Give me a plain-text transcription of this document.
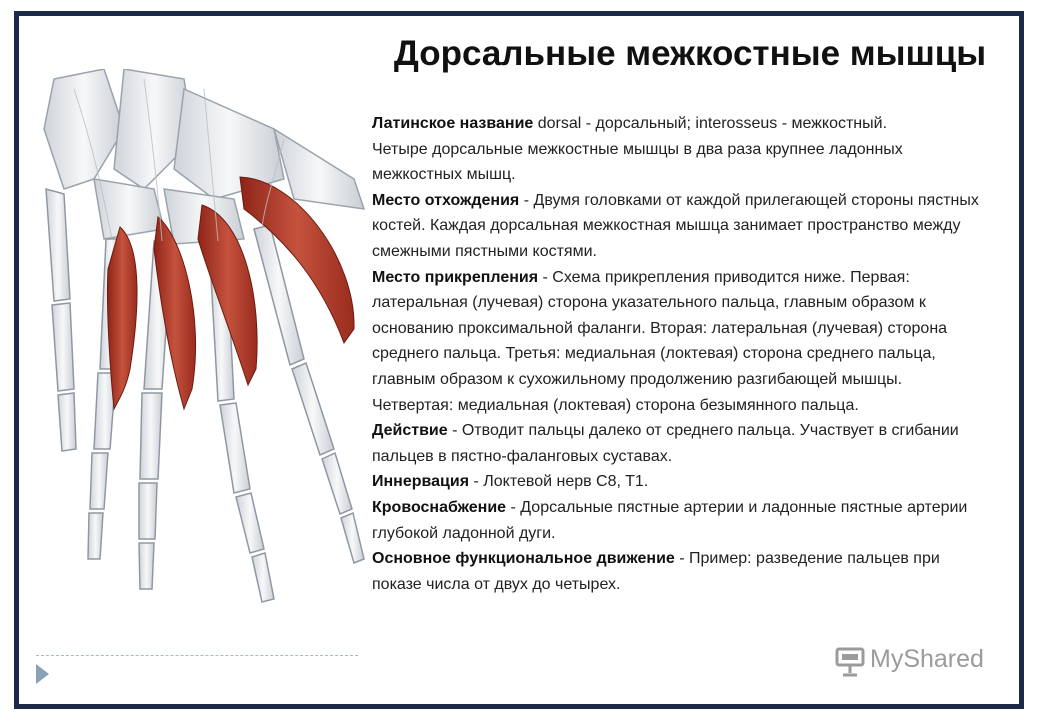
Дорсальные межкостные мышцы

Латинское название dorsal - дорсальный; interosseus - межкостный.

Четыре дорсальные межкостные мышцы в два раза крупнее ладонных межкостных мышц.

Место отхождения - Двумя головками от каждой прилегающей стороны пястных костей. Каждая дорсальная межкостная мышца занимает пространство между смежными пястными костями.

Место прикрепления - Схема прикрепления приводится ниже. Первая: латеральная (лучевая) сторона указательного пальца, главным образом к основанию проксимальной фаланги. Вторая: латеральная (лучевая) сторона среднего пальца. Третья: медиальная (локтевая) сторона среднего пальца, главным образом к сухожильному продолжению разгибающей мышцы. Четвертая: медиальная (локтевая) сторона безымянного пальца.

Действие - Отводит пальцы далеко от среднего пальца. Участвует в сгибании пальцев в пястно-фаланговых суставах.

Иннервация - Локтевой нерв C8, T1.

Кровоснабжение - Дорсальные пястные артерии и ладонные пястные артерии глубокой ладонной дуги.

Основное функциональное движение - Пример: разведение пальцев при показе числа от двух до четырех.

MyShared
